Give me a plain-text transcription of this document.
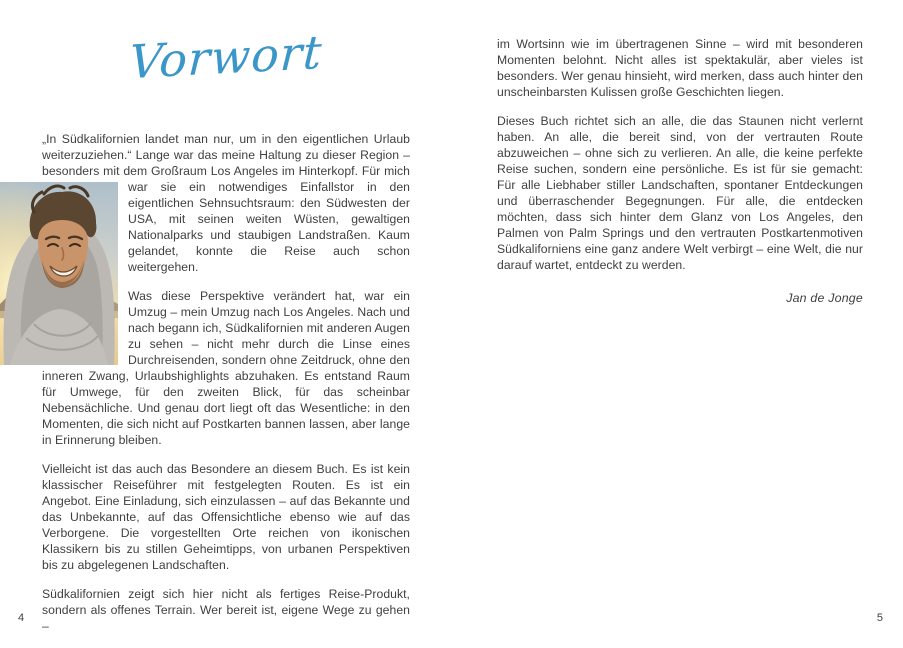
Vorwort
„In Südkalifornien landet man nur, um in den eigentlichen Urlaub weiterzuziehen.“ Lange war das meine Haltung zu dieser Region – besonders mit dem Großraum Los Angeles im Hinterkopf. Für mich
war sie ein notwendiges Einfallstor in den eigentlichen Sehnsuchtsraum: den Südwesten der USA, mit seinen weiten Wüsten, gewaltigen Nationalparks und staubigen Landstraßen. Kaum gelandet, konnte die Reise auch schon weitergehen.

Was diese Perspektive verändert hat, war ein Umzug – mein Umzug nach Los Angeles. Nach und nach begann ich, Südkalifornien mit anderen Augen zu sehen – nicht mehr durch die Linse eines Durchreisenden, sondern ohne Zeitdruck, ohne den inneren Zwang, Urlaubshighlights abzuhaken. Es entstand Raum für Umwege, für den zweiten Blick, für das scheinbar Nebensächliche. Und genau dort liegt oft das Wesentliche: in den Momenten, die sich nicht auf Postkarten bannen lassen, aber lange in Erinnerung bleiben.

Vielleicht ist das auch das Besondere an diesem Buch. Es ist kein klassischer Reiseführer mit festgelegten Routen. Es ist ein Angebot. Eine Einladung, sich einzulassen – auf das Bekannte und das Unbekannte, auf das Offensichtliche ebenso wie auf das Verborgene. Die vorgestellten Orte reichen von ikonischen Klassikern bis zu stillen Geheimtipps, von urbanen Perspektiven bis zu abgelegenen Landschaften.

Südkalifornien zeigt sich hier nicht als fertiges Reise-Produkt, sondern als offenes Terrain. Wer bereit ist, eigene Wege zu gehen –

im Wortsinn wie im übertragenen Sinne – wird mit besonderen Momenten belohnt. Nicht alles ist spektakulär, aber vieles ist besonders. Wer genau hinsieht, wird merken, dass auch hinter den unscheinbarsten Kulissen große Geschichten liegen.

Dieses Buch richtet sich an alle, die das Staunen nicht verlernt haben. An alle, die bereit sind, von der vertrauten Route abzuweichen – ohne sich zu verlieren. An alle, die keine perfekte Reise suchen, sondern eine persönliche. Es ist für sie gemacht: Für alle Liebhaber stiller Landschaften, spontaner Entdeckungen und überraschender Begegnungen. Für alle, die entdecken möchten, dass sich hinter dem Glanz von Los Angeles, den Palmen von Palm Springs und den vertrauten Postkartenmotiven Südkaliforniens eine ganz andere Welt verbirgt – eine Welt, die nur darauf wartet, entdeckt zu werden.

Jan de Jonge
4	5
